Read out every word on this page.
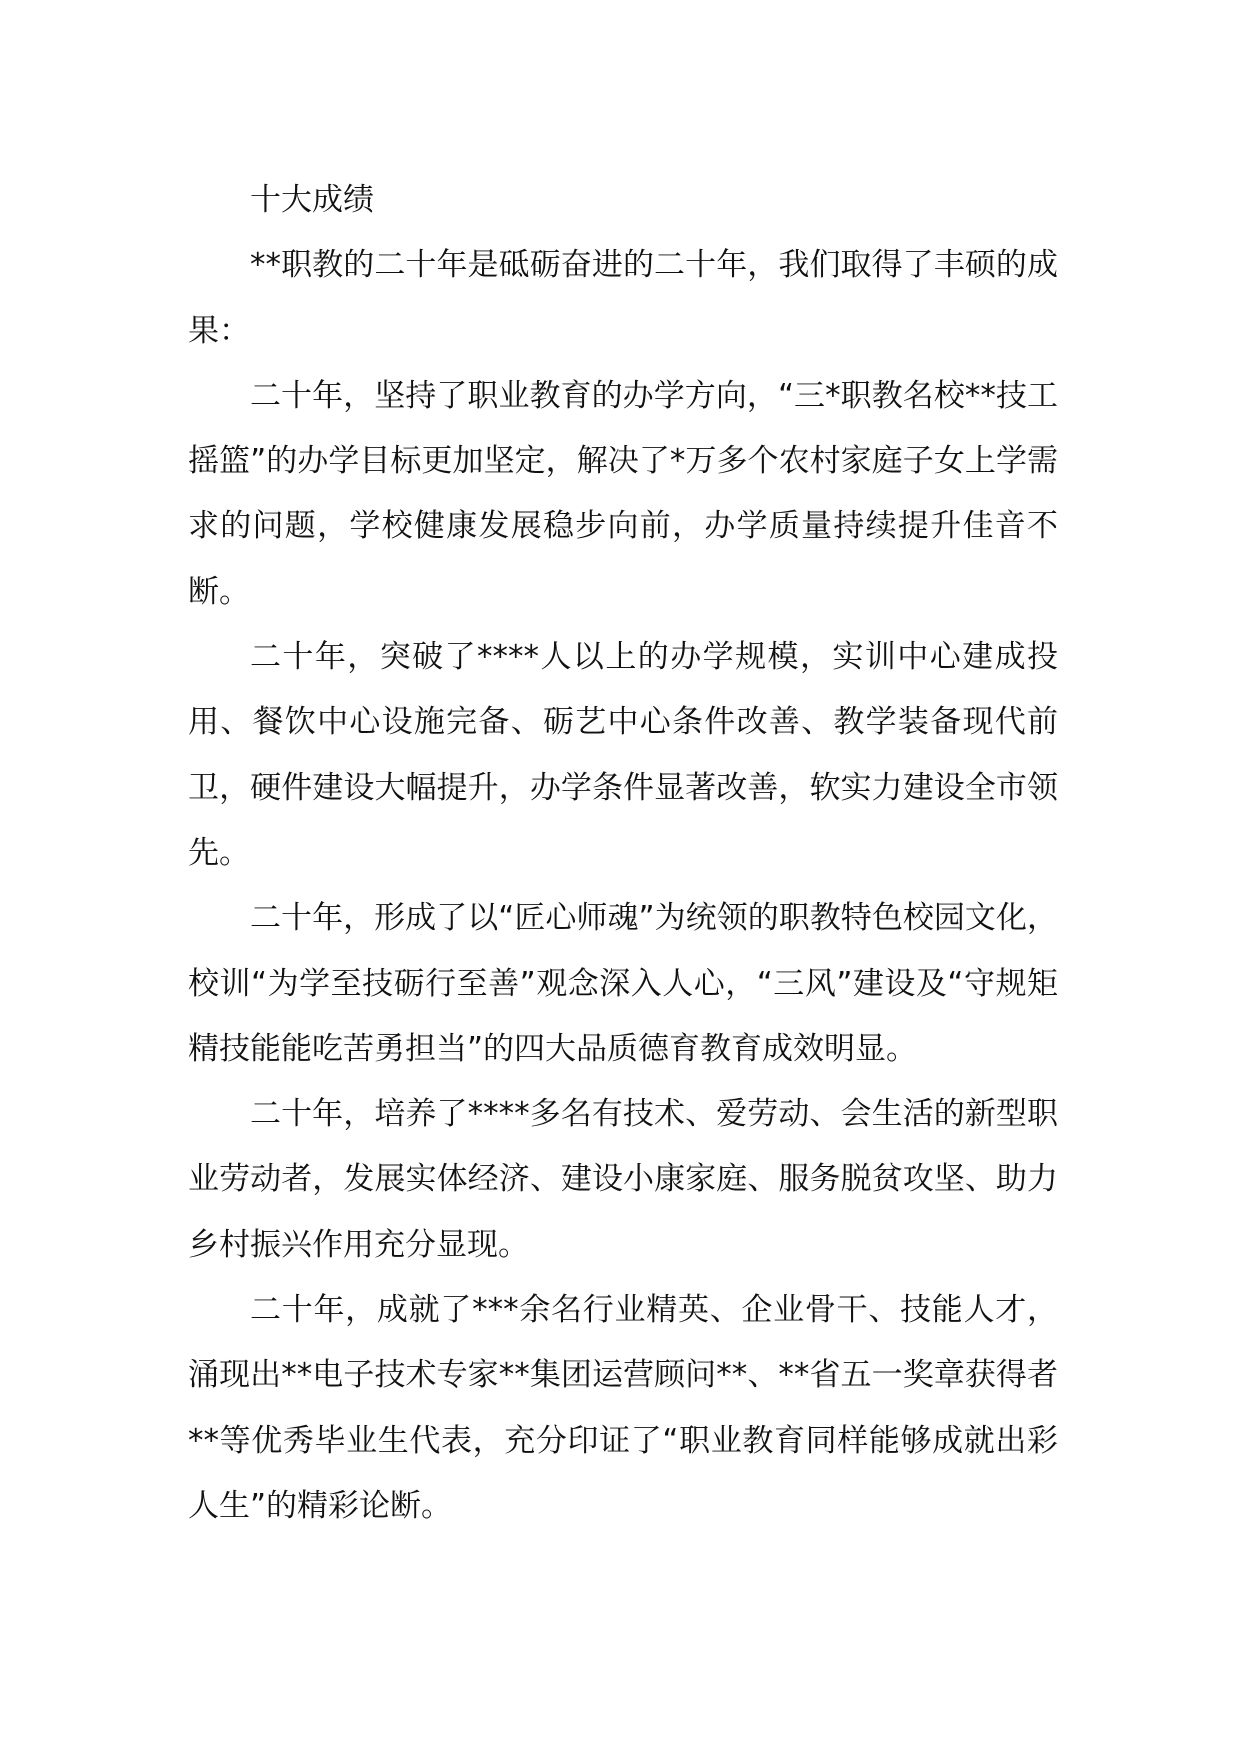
十大成绩

**职教的二十年是砥砺奋进的二十年，我们取得了丰硕的成果：

二十年，坚持了职业教育的办学方向，“三*职教名校**技工摇篮”的办学目标更加坚定，解决了*万多个农村家庭子女上学需求的问题，学校健康发展稳步向前，办学质量持续提升佳音不断。

二十年，突破了****人以上的办学规模，实训中心建成投用、餐饮中心设施完备、砺艺中心条件改善、教学装备现代前卫，硬件建设大幅提升，办学条件显著改善，软实力建设全市领先。

二十年，形成了以“匠心师魂”为统领的职教特色校园文化，校训“为学至技砺行至善”观念深入人心，“三风”建设及“守规矩精技能能吃苦勇担当”的四大品质德育教育成效明显。

二十年，培养了****多名有技术、爱劳动、会生活的新型职业劳动者，发展实体经济、建设小康家庭、服务脱贫攻坚、助力乡村振兴作用充分显现。

二十年，成就了***余名行业精英、企业骨干、技能人才，涌现出**电子技术专家**集团运营顾问**、**省五一奖章获得者**等优秀毕业生代表，充分印证了“职业教育同样能够成就出彩人生”的精彩论断。
